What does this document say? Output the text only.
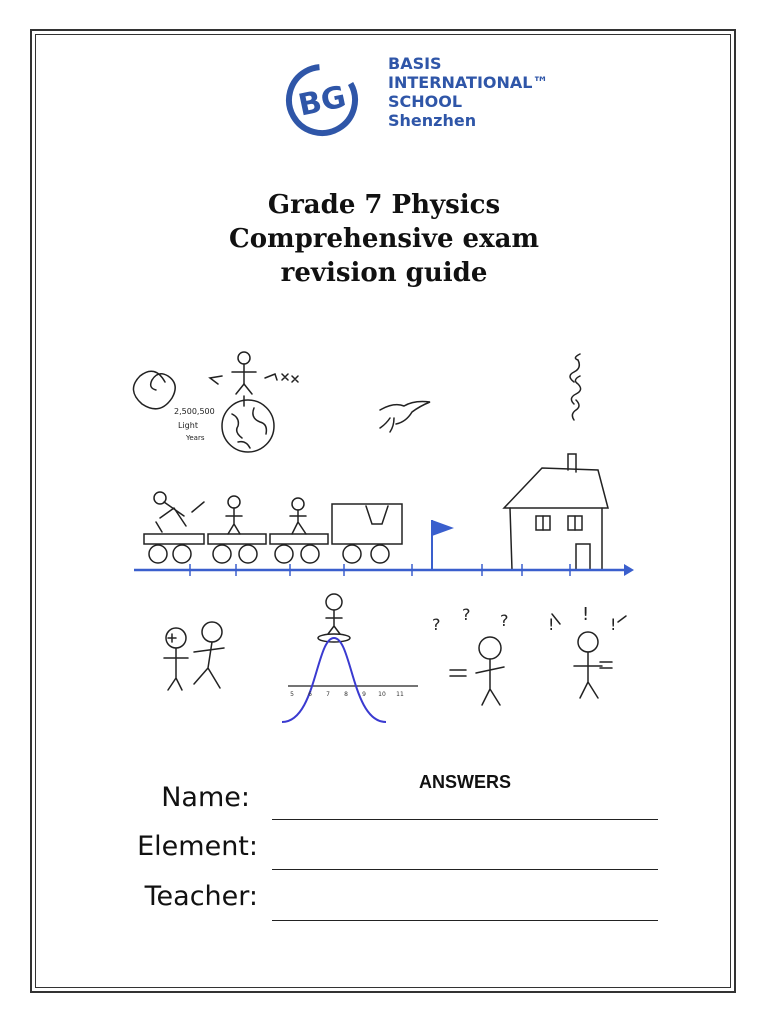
BG
BASIS
INTERNATIONAL™
SCHOOL
Shenzhen
Grade 7 Physics
Comprehensive exam
revision guide
5 6 7 8 9 10 11
2,500,500
Light
Years
?
? ? ! ! !
Name:	ANSWERS
Element:
Teacher:
